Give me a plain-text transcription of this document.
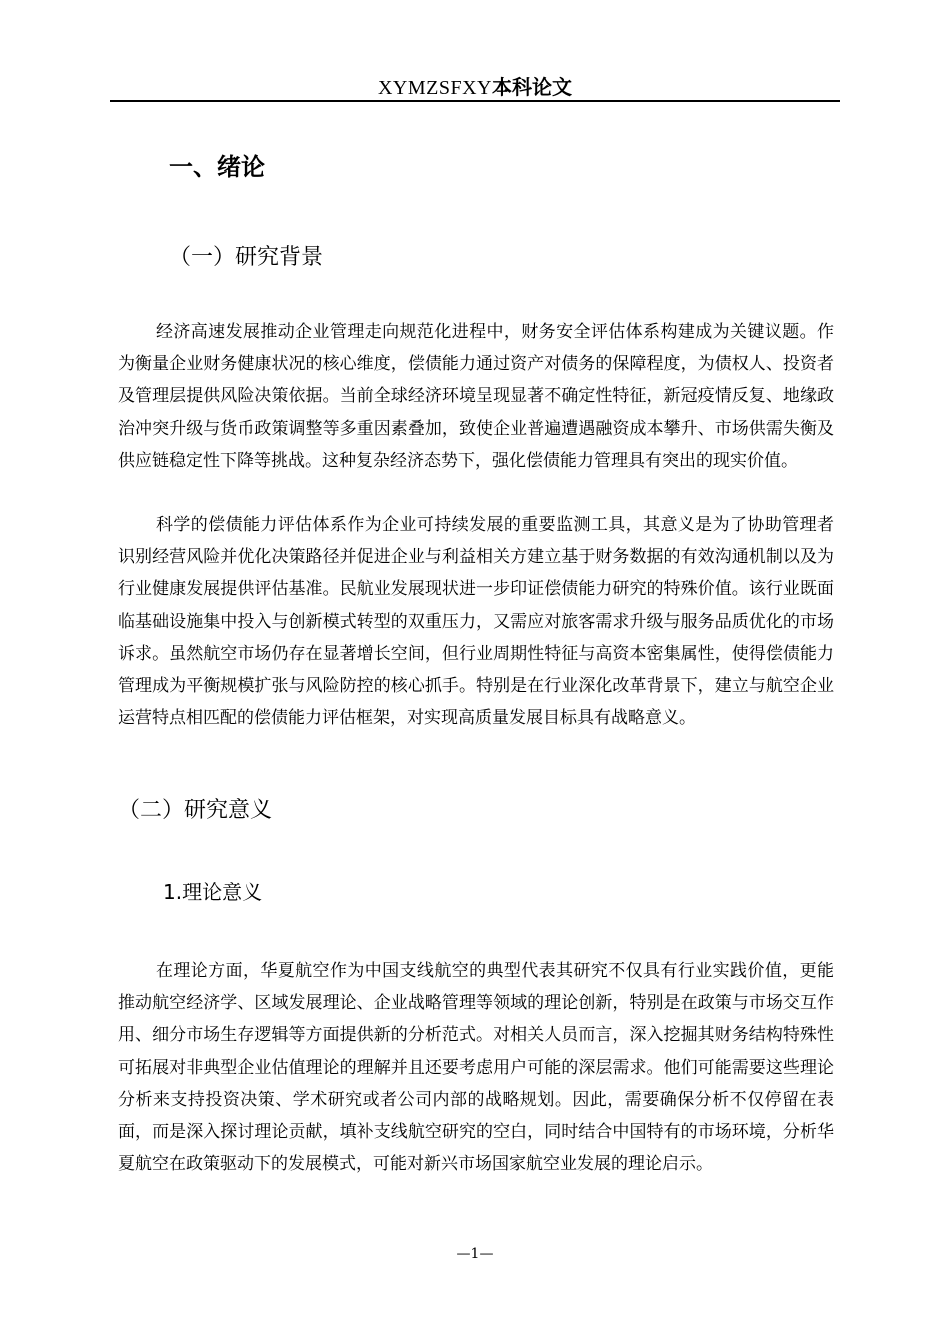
XYMZSFXY本科论文
一、绪论
（一）研究背景

经济高速发展推动企业管理走向规范化进程中，财务安全评估体系构建成为关键议题。作为衡量企业财务健康状况的核心维度，偿债能力通过资产对债务的保障程度，为债权人、投资者及管理层提供风险决策依据。当前全球经济环境呈现显著不确定性特征，新冠疫情反复、地缘政治冲突升级与货币政策调整等多重因素叠加，致使企业普遍遭遇融资成本攀升、市场供需失衡及供应链稳定性下降等挑战。这种复杂经济态势下，强化偿债能力管理具有突出的现实价值。

科学的偿债能力评估体系作为企业可持续发展的重要监测工具，其意义是为了协助管理者识别经营风险并优化决策路径并促进企业与利益相关方建立基于财务数据的有效沟通机制以及为行业健康发展提供评估基准。民航业发展现状进一步印证偿债能力研究的特殊价值。该行业既面临基础设施集中投入与创新模式转型的双重压力，又需应对旅客需求升级与服务品质优化的市场诉求。虽然航空市场仍存在显著增长空间，但行业周期性特征与高资本密集属性，使得偿债能力管理成为平衡规模扩张与风险防控的核心抓手。特别是在行业深化改革背景下，建立与航空企业运营特点相匹配的偿债能力评估框架，对实现高质量发展目标具有战略意义。

（二）研究意义
1.理论意义

在理论方面，华夏航空作为中国支线航空的典型代表其研究不仅具有行业实践价值，更能推动航空经济学、区域发展理论、企业战略管理等领域的理论创新，特别是在政策与市场交互作用、细分市场生存逻辑等方面提供新的分析范式。对相关人员而言，深入挖掘其财务结构特殊性可拓展对非典型企业估值理论的理解并且还要考虑用户可能的深层需求。他们可能需要这些理论分析来支持投资决策、学术研究或者公司内部的战略规划。因此，需要确保分析不仅停留在表面，而是深入探讨理论贡献，填补支线航空研究的空白，同时结合中国特有的市场环境，分析华夏航空在政策驱动下的发展模式，可能对新兴市场国家航空业发展的理论启示。

—1—
